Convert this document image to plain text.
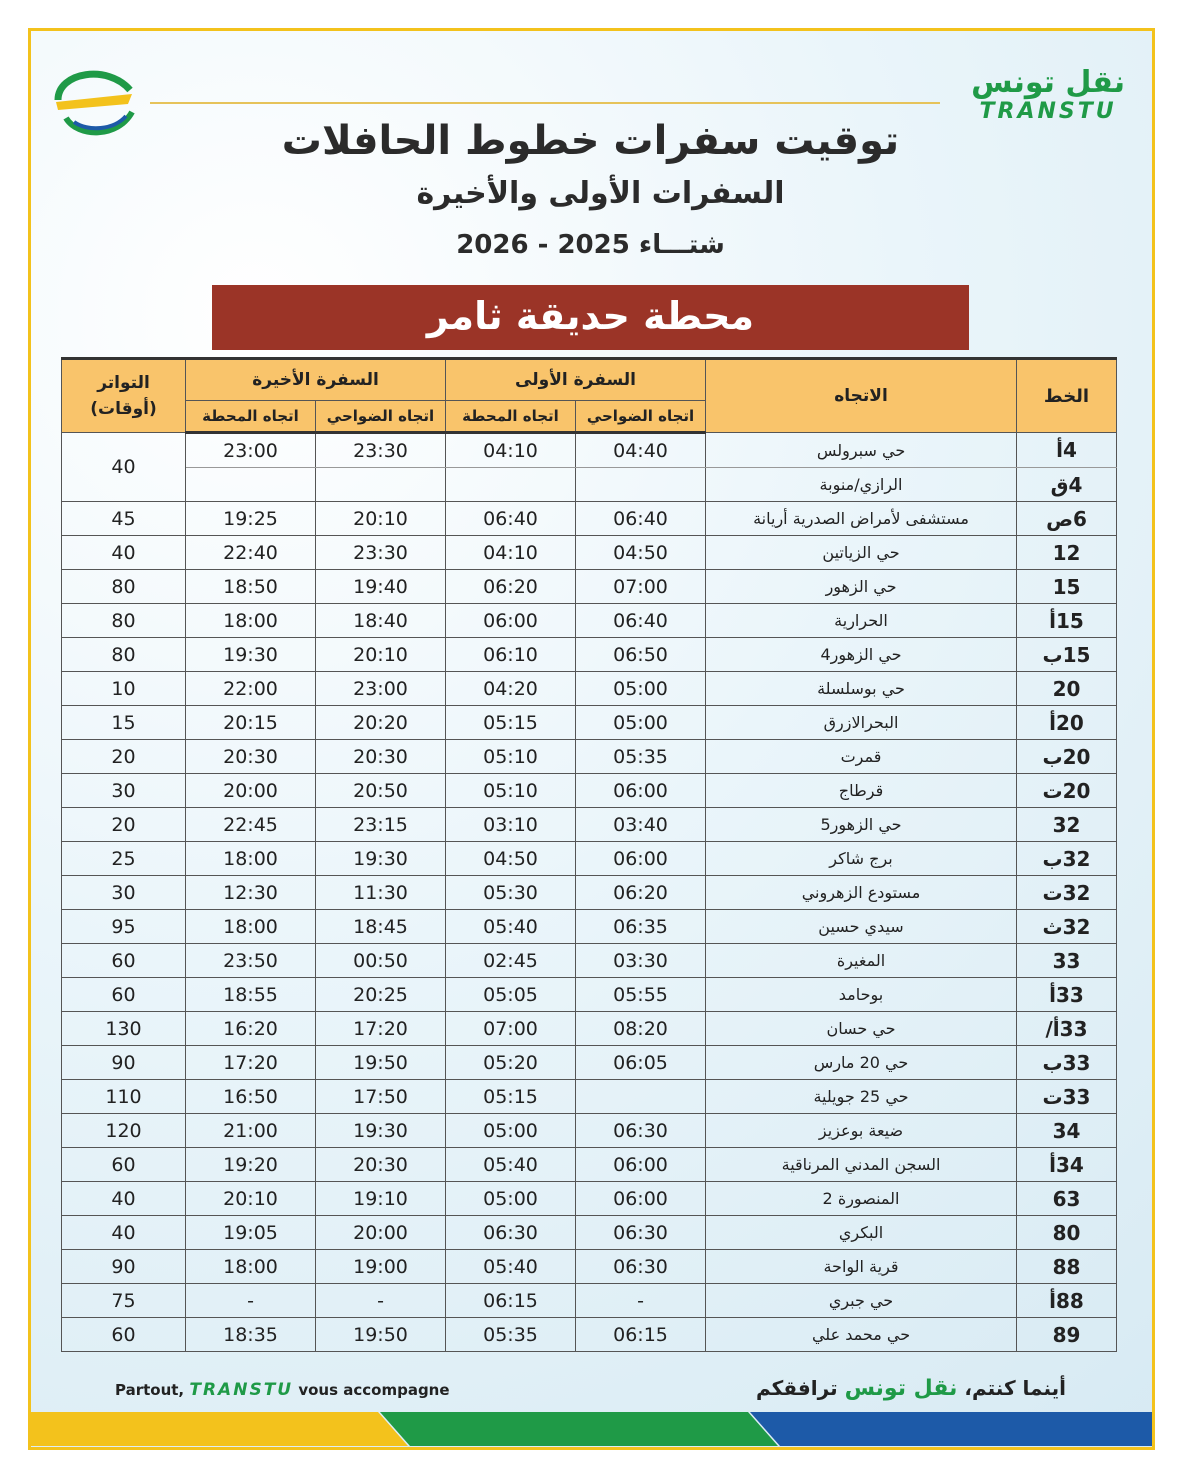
نقل تونس
TRANSTU
توقيت سفرات خطوط الحافلات
السفرات الأولى والأخيرة
شتـــاء 2025 - 2026
محطة حديقة ثامر
التواتر (أوقات)	السفرة الأخيرة		السفرة الأولى		الاتجاه	الخط
	اتجاه المحطة	اتجاه الضواحي	اتجاه المحطة	اتجاه الضواحي		
40	23:00	23:30	04:10	04:40	حي سبرولس	4أ
					الرازي/منوبة	4ق
45	19:25	20:10	06:40	06:40	مستشفى لأمراض الصدرية أريانة	6ص
40	22:40	23:30	04:10	04:50	حي الزياتين	12
80	18:50	19:40	06:20	07:00	حي الزهور	15
80	18:00	18:40	06:00	06:40	الحرارية	15أ
80	19:30	20:10	06:10	06:50	حي الزهور4	15ب
10	22:00	23:00	04:20	05:00	حي بوسلسلة	20
15	20:15	20:20	05:15	05:00	البحرالازرق	20أ
20	20:30	20:30	05:10	05:35	قمرت	20ب
30	20:00	20:50	05:10	06:00	قرطاج	20ت
20	22:45	23:15	03:10	03:40	حي الزهور5	32
25	18:00	19:30	04:50	06:00	برج شاكر	32ب
30	12:30	11:30	05:30	06:20	مستودع الزهروني	32ت
95	18:00	18:45	05:40	06:35	سيدي حسين	32ث
60	23:50	00:50	02:45	03:30	المغيرة	33
60	18:55	20:25	05:05	05:55	بوحامد	33أ
130	16:20	17:20	07:00	08:20	حي حسان	33أ/
90	17:20	19:50	05:20	06:05	حي 20 مارس	33ب
110	16:50	17:50	05:15		حي 25 جويلية	33ت
120	21:00	19:30	05:00	06:30	ضيعة بوعزيز	34
60	19:20	20:30	05:40	06:00	السجن المدني المرناقية	34أ
40	20:10	19:10	05:00	06:00	المنصورة 2	63
40	19:05	20:00	06:30	06:30	البكري	80
90	18:00	19:00	05:40	06:30	قرية الواحة	88
75	-	-	06:15	-	حي جبري	88أ
60	18:35	19:50	05:35	06:15	حي محمد علي	89
Partout, TRANSTU vous accompagne	أينما كنتم، نقل تونس ترافقكم
